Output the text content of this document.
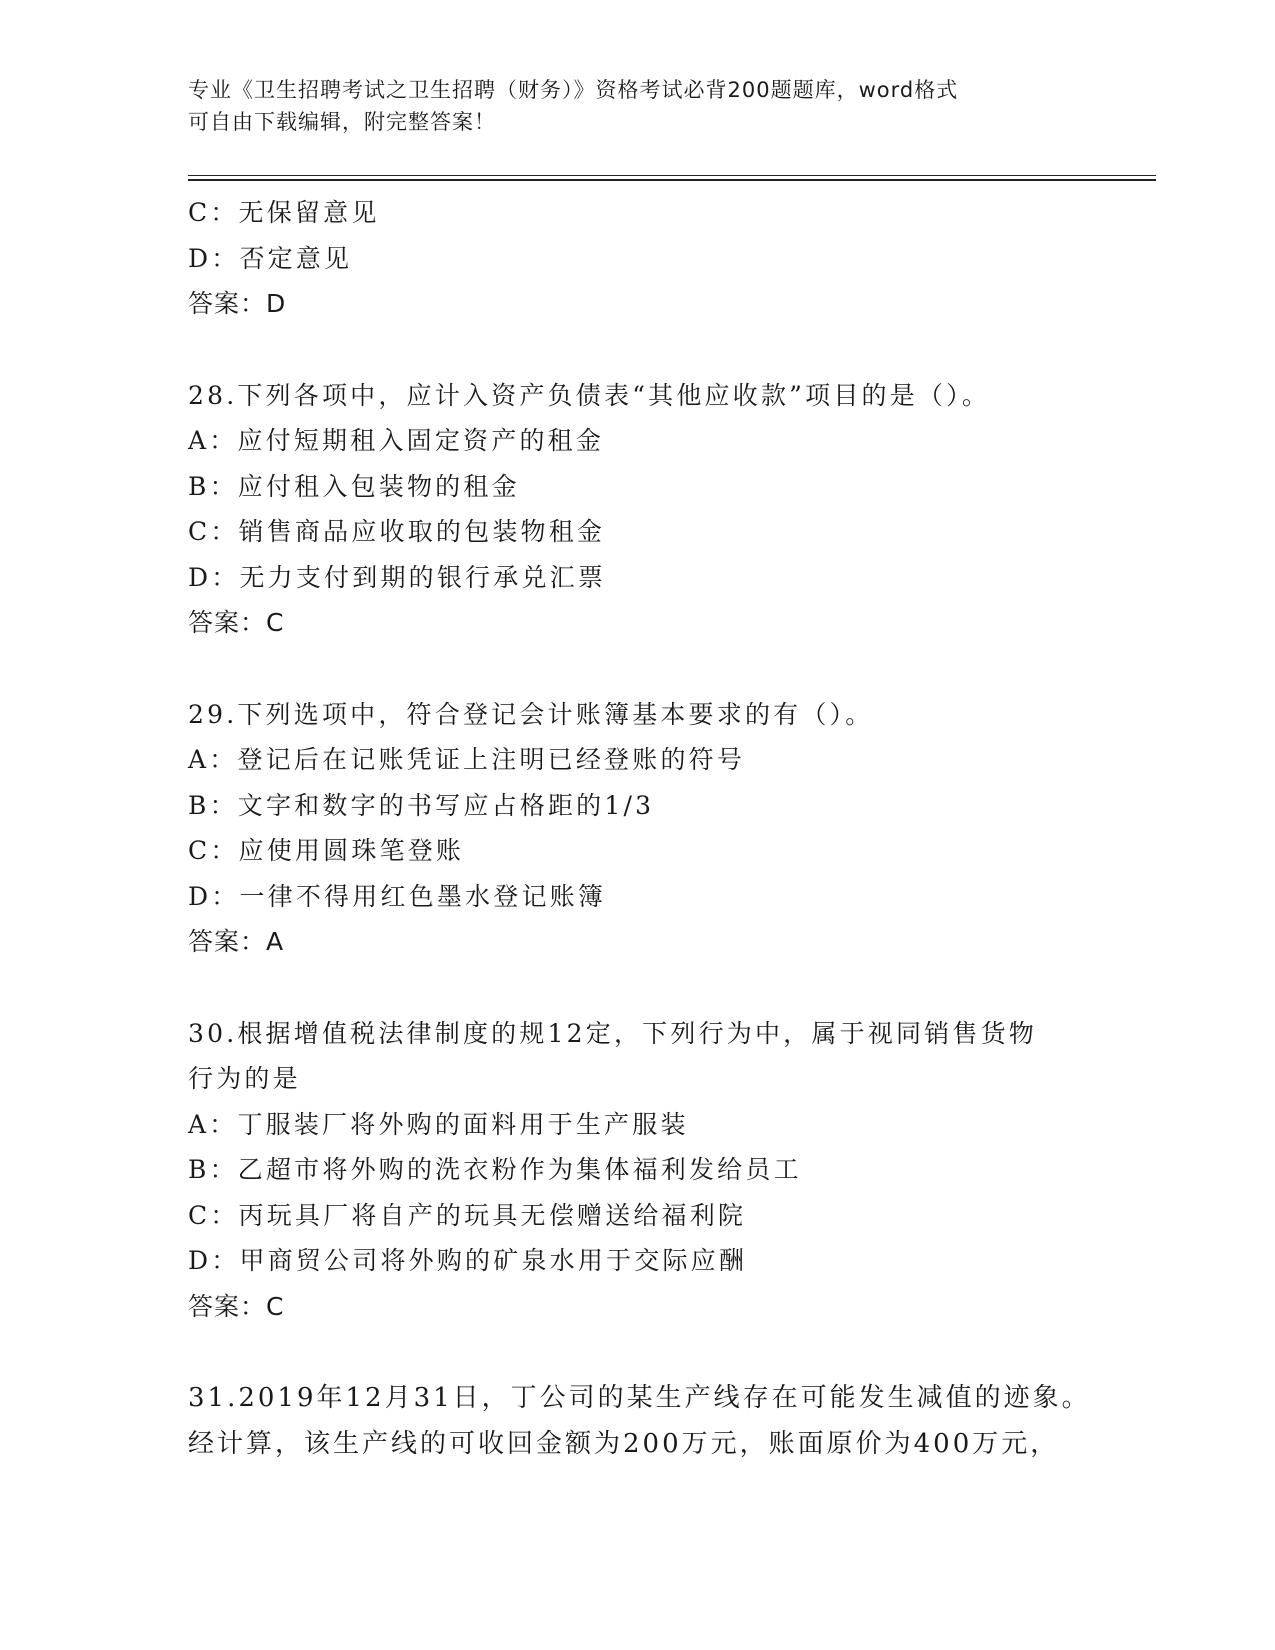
专业《卫生招聘考试之卫生招聘（财务）》资格考试必背200题题库，word格式
可自由下载编辑，附完整答案！
C：无保留意见
D：否定意见
答案：D
28.下列各项中，应计入资产负债表“其他应收款”项目的是（）。
A：应付短期租入固定资产的租金
B：应付租入包装物的租金
C：销售商品应收取的包装物租金
D：无力支付到期的银行承兑汇票
答案：C
29.下列选项中，符合登记会计账簿基本要求的有（）。
A：登记后在记账凭证上注明已经登账的符号
B：文字和数字的书写应占格距的1/3
C：应使用圆珠笔登账
D：一律不得用红色墨水登记账簿
答案：A
30.根据增值税法律制度的规12定，下列行为中，属于视同销售货物
行为的是
A：丁服装厂将外购的面料用于生产服装
B：乙超市将外购的洗衣粉作为集体福利发给员工
C：丙玩具厂将自产的玩具无偿赠送给福利院
D：甲商贸公司将外购的矿泉水用于交际应酬
答案：C
31.2019年12月31日，丁公司的某生产线存在可能发生减值的迹象。
经计算，该生产线的可收回金额为200万元，账面原价为400万元，
